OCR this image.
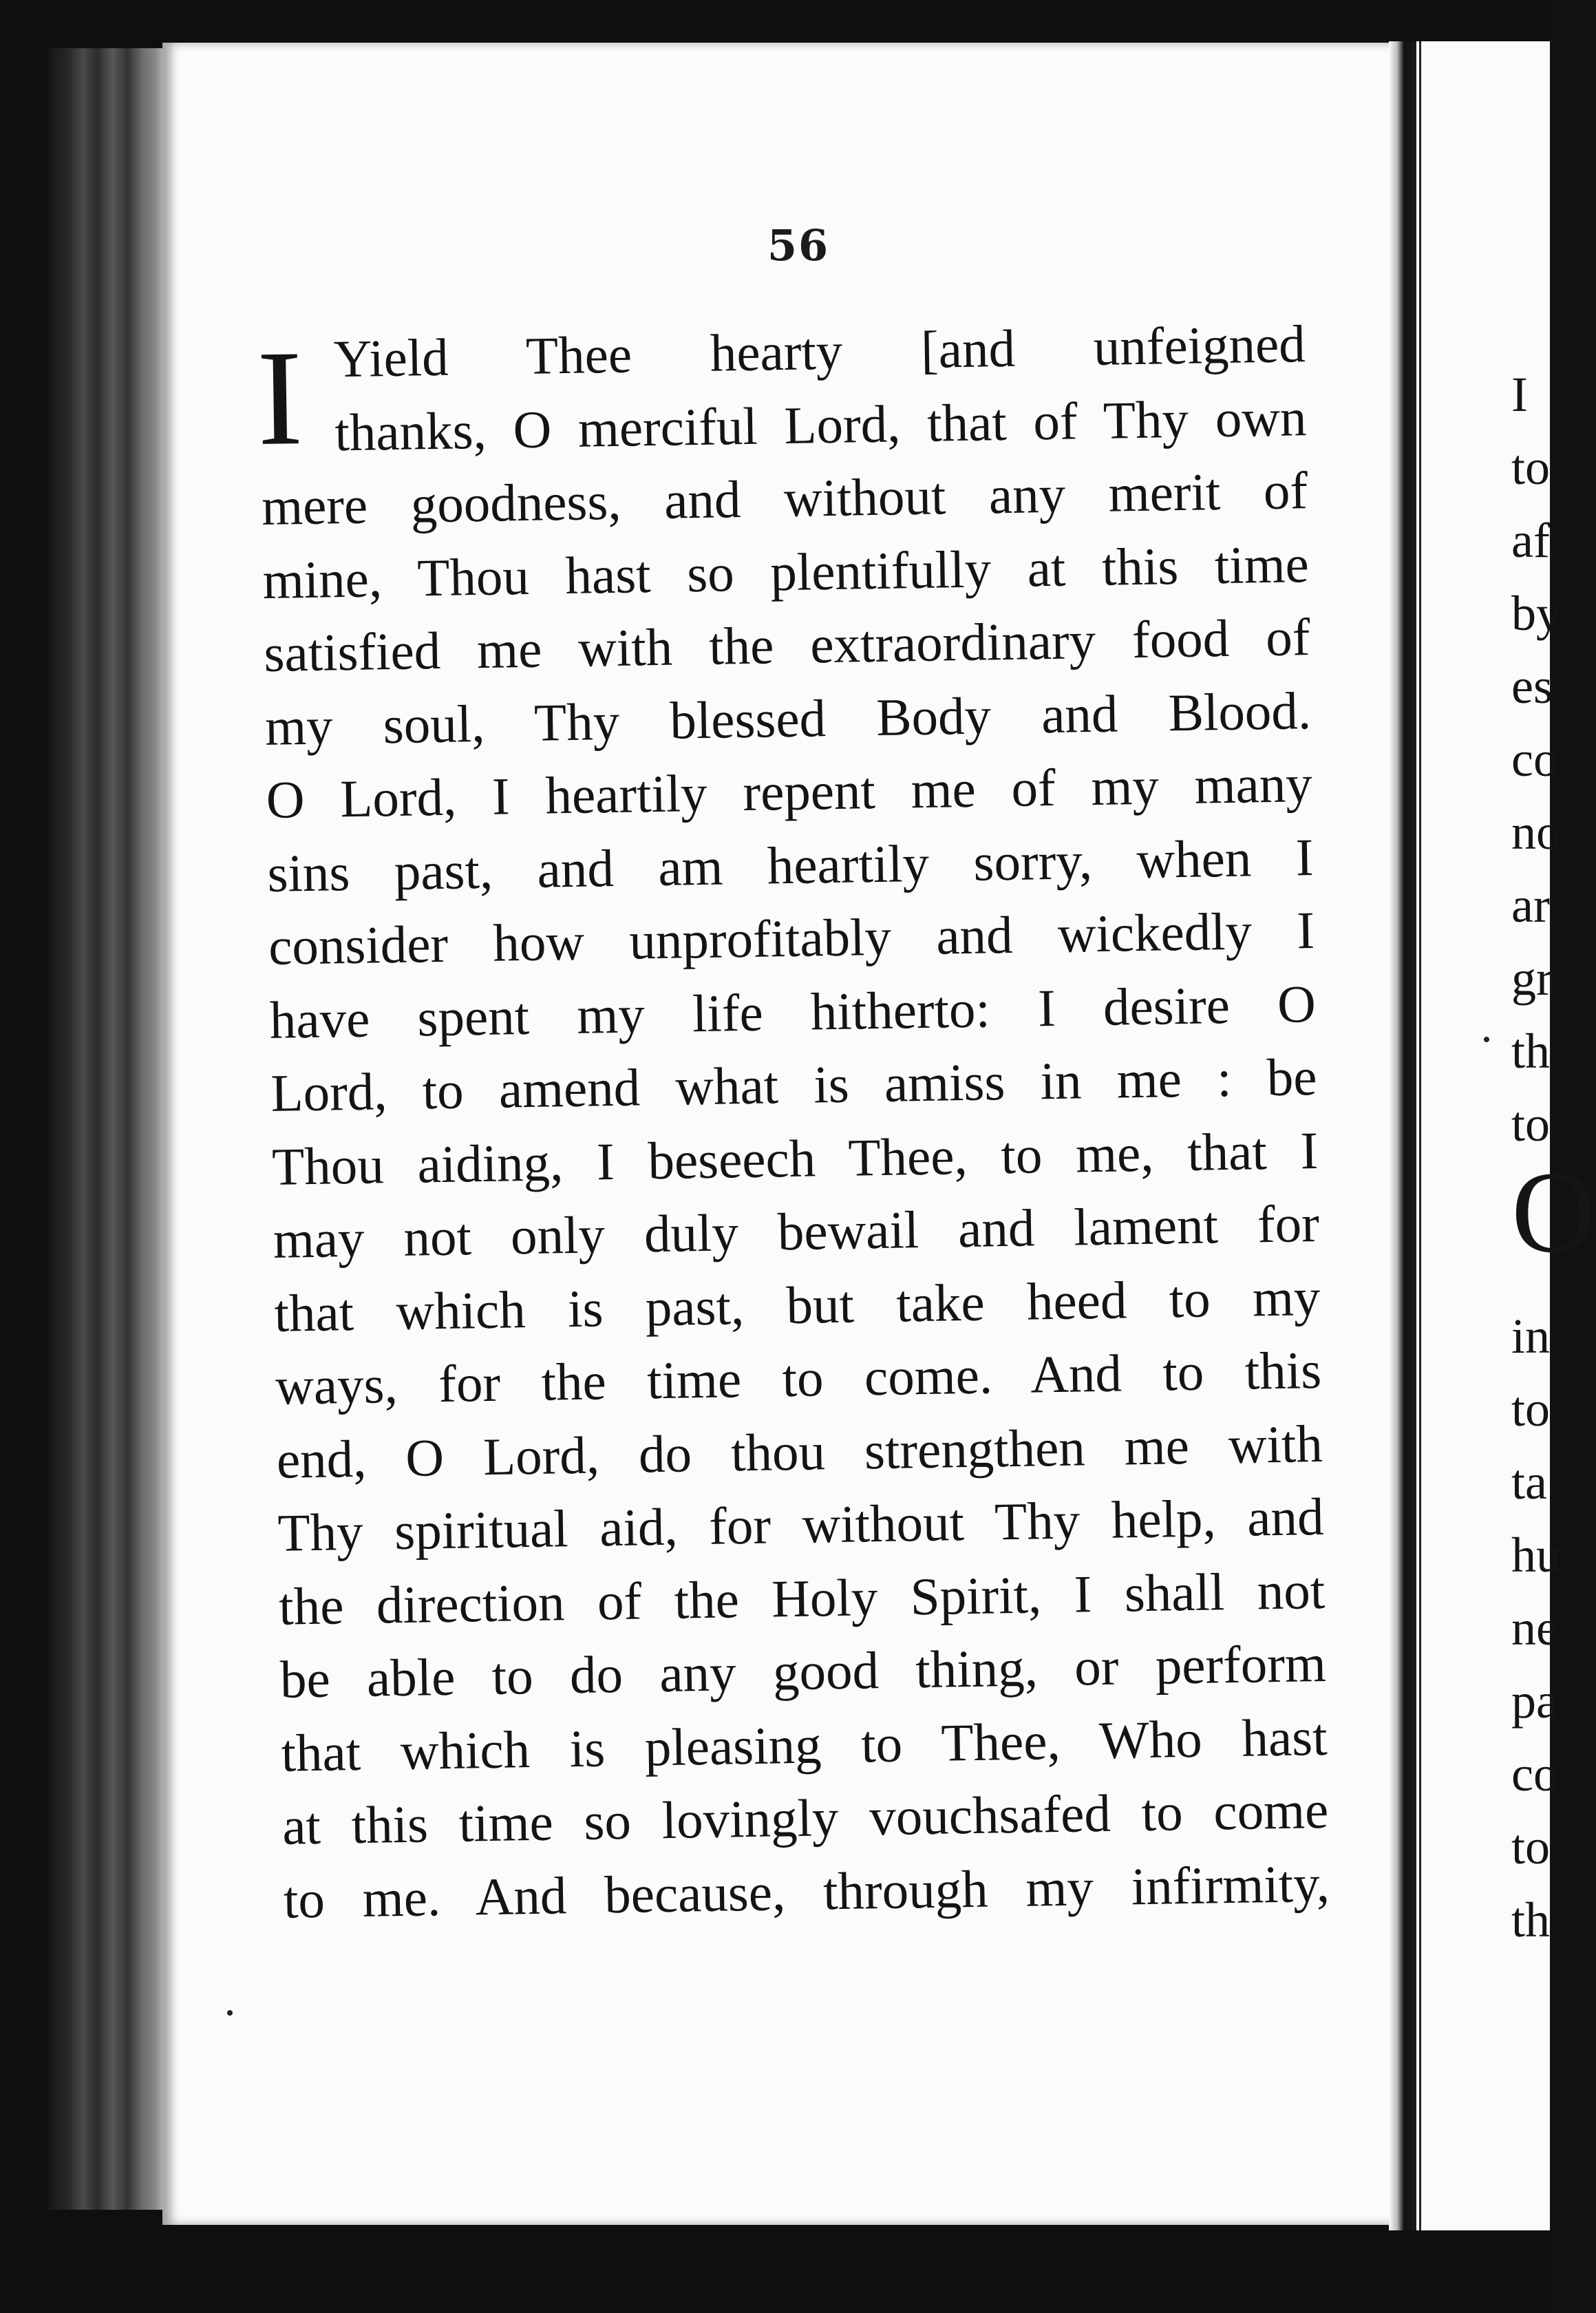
56
I Yield Thee hearty [and unfeigned
thanks, O merciful Lord, that of Thy own
mere goodness, and without any merit of
mine, Thou hast so plentifully at this time
satisfied me with the extraordinary food of
my soul, Thy blessed Body and Blood.
O Lord, I heartily repent me of my many
sins past, and am heartily sorry, when I
consider how unprofitably and wickedly I
have spent my life hitherto: I desire O
Lord, to amend what is amiss in me : be
Thou aiding, I beseech Thee, to me, that I
may not only duly bewail and lament for
that which is past, but take heed to my
ways, for the time to come. And to this
end, O Lord, do thou strengthen me with
Thy spiritual aid, for without Thy help, and
the direction of the Holy Spirit, I shall not
be able to do any good thing, or perform
that which is pleasing to Thee, Who hast
at this time so lovingly vouchsafed to come
to me. And because, through my infirmity,
I
to
af
by
es
co
no
ar
gr
th
to
O
in
to
ta
hu
ne
pa
co
to
th
